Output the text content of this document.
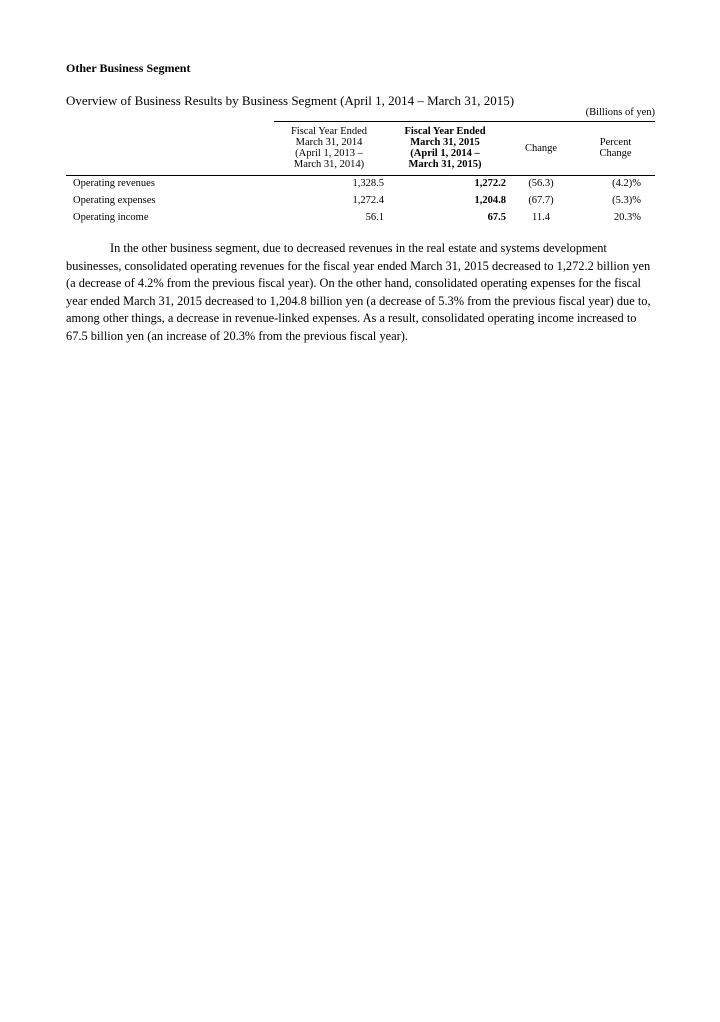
Other Business Segment
Overview of Business Results by Business Segment (April 1, 2014 – March 31, 2015)
(Billions of yen)

	Fiscal Year Ended
March 31, 2014
(April 1, 2013 –
March 31, 2014)	Fiscal Year Ended
March 31, 2015
(April 1, 2014 –
March 31, 2015)	Change	Percent
Change

Operating revenues	1,328.5	1,272.2	(56.3)	(4.2)%
Operating expenses	1,272.4	1,204.8	(67.7)	(5.3)%
Operating income	56.1	67.5	11.4	20.3%

In the other business segment, due to decreased revenues in the real estate and systems development businesses, consolidated operating revenues for the fiscal year ended March 31, 2015 decreased to 1,272.2 billion yen (a decrease of 4.2% from the previous fiscal year). On the other hand, consolidated operating expenses for the fiscal year ended March 31, 2015 decreased to 1,204.8 billion yen (a decrease of 5.3% from the previous fiscal year) due to, among other things, a decrease in revenue-linked expenses. As a result, consolidated operating income increased to 67.5 billion yen (an increase of 20.3% from the previous fiscal year).
